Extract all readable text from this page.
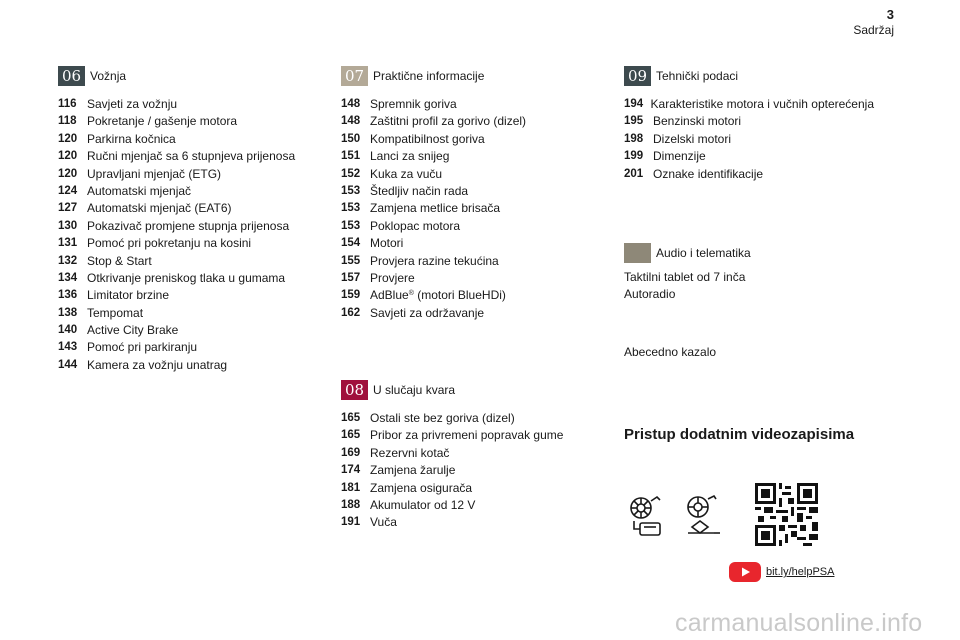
3
Sadržaj
06 Vožnja
116 Savjeti za vožnju
118 Pokretanje / gašenje motora
120 Parkirna kočnica
120 Ručni mjenjač sa 6 stupnjeva prijenosa
120 Upravljani mjenjač (ETG)
124 Automatski mjenjač
127 Automatski mjenjač (EAT6)
130 Pokazivač promjene stupnja prijenosa
131 Pomoć pri pokretanju na kosini
132 Stop & Start
134 Otkrivanje preniskog tlaka u gumama
136 Limitator brzine
138 Tempomat
140 Active City Brake
143 Pomoć pri parkiranju
144 Kamera za vožnju unatrag
07 Praktične informacije
148 Spremnik goriva
148 Zaštitni profil za gorivo (dizel)
150 Kompatibilnost goriva
151 Lanci za snijeg
152 Kuka za vuču
153 Štedljiv način rada
153 Zamjena metlice brisača
153 Poklopac motora
154 Motori
155 Provjera razine tekućina
157 Provjere
159 AdBlue® (motori BlueHDi)
162 Savjeti za održavanje
08 U slučaju kvara
165 Ostali ste bez goriva (dizel)
165 Pribor za privremeni popravak gume
169 Rezervni kotač
174 Zamjena žarulje
181 Zamjena osigurača
188 Akumulator od 12 V
191 Vuča
09 Tehnički podaci
194 Karakteristike motora i vučnih opterećenja
195 Benzinski motori
198 Dizelski motori
199 Dimenzije
201 Oznake identifikacije
Audio i telematika
Taktilni tablet od 7 inča
Autoradio
Abecedno kazalo
Pristup dodatnim videozapisima
bit.ly/helpPSA
carmanualsonline.info
